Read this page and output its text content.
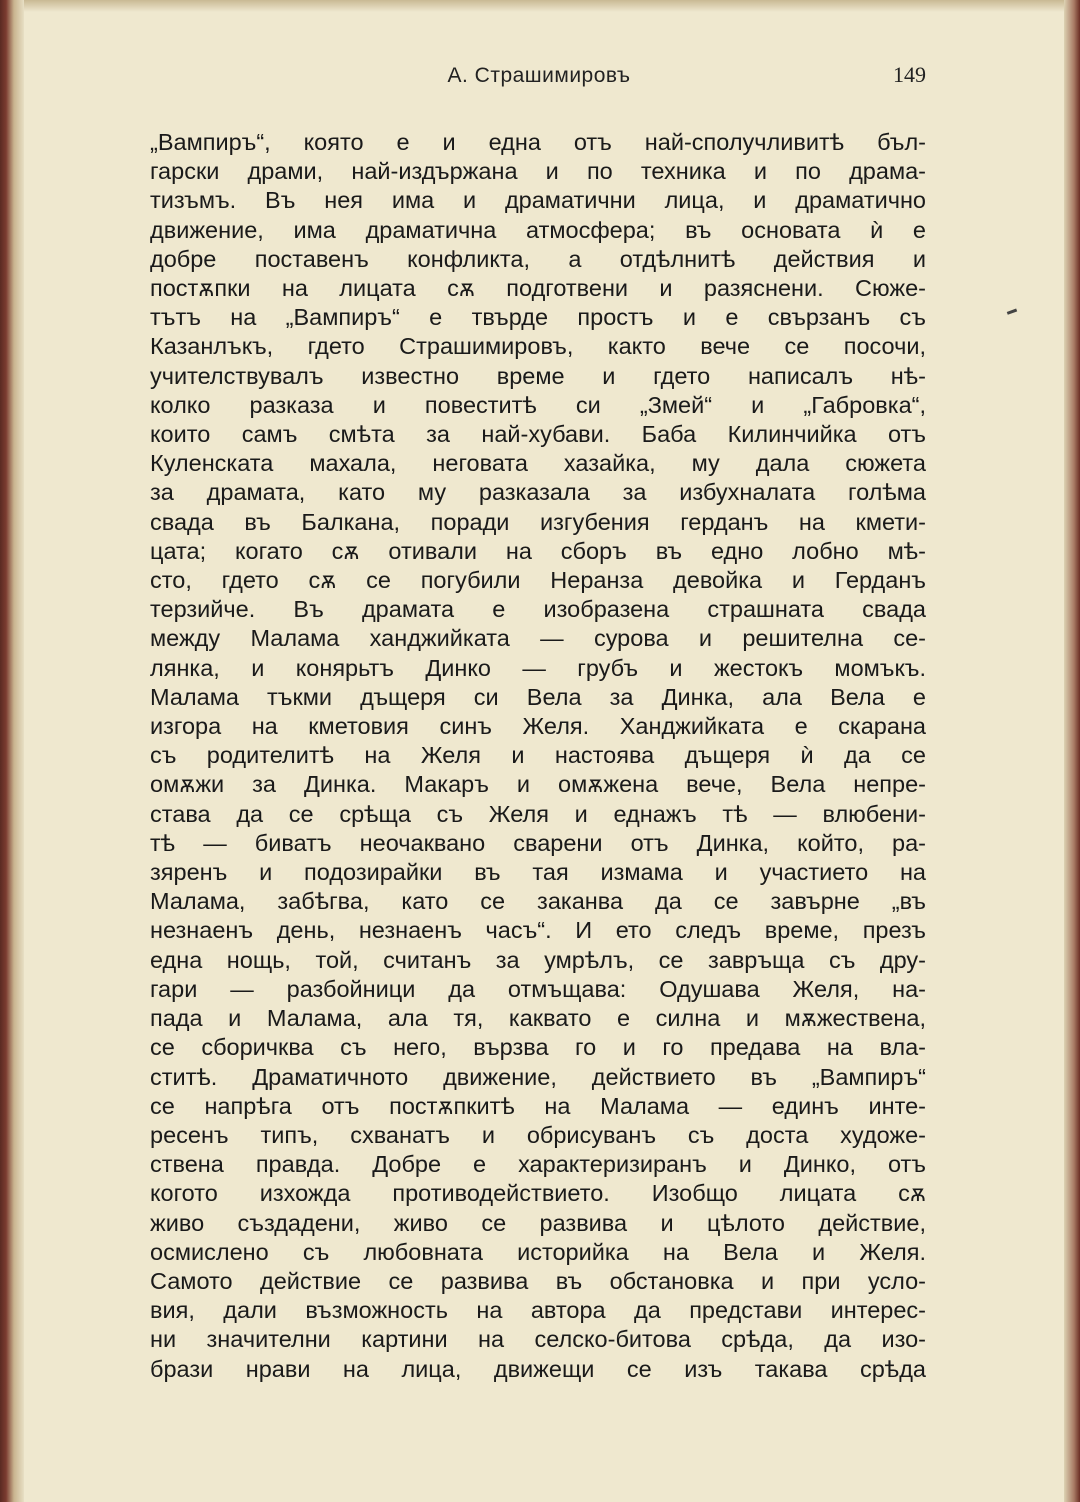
А. Страшимировъ	149
„Вампиръ“, която е и една отъ най-сполучливитѣ бъл-
гарски драми, най-издържана и по техника и по драма-
тизъмъ. Въ нея има и драматични лица, и драматично
движение, има драматична атмосфера; въ основата ѝ е
добре поставенъ конфликта, а отдѣлнитѣ действия и
постѫпки на лицата сѫ подготвени и разяснени. Сюже-
тътъ на „Вампиръ“ е твърде простъ и е свързанъ съ
Казанлъкъ, гдето Страшимировъ, както вече се посочи,
учителствувалъ известно време и гдето написалъ нѣ-
колко разказа и повеститѣ си „Змей“ и „Габровка“,
които самъ смѣта за най-хубави. Баба Килинчийка отъ
Куленската махала, неговата хазайка, му дала сюжета
за драмата, като му разказала за избухналата голѣма
свада въ Балкана, поради изгубения герданъ на кмети-
цата; когато сѫ отивали на сборъ въ едно лобно мѣ-
сто, гдето сѫ се погубили Неранза девойка и Герданъ
терзийче. Въ драмата е изобразена страшната свада
между Малама ханджийката — сурова и решителна се-
лянка, и конярьтъ Динко — грубъ и жестокъ момъкъ.
Малама тъкми дъщеря си Вела за Динка, ала Вела е
изгора на кметовия синъ Желя. Ханджийката е скарана
съ родителитѣ на Желя и настоява дъщеря ѝ да се
омѫжи за Динка. Макаръ и омѫжена вече, Вела непре-
става да се срѣща съ Желя и еднажъ тѣ — влюбени-
тѣ — биватъ неочаквано сварени отъ Динка, който, ра-
зяренъ и подозирайки въ тая измама и участието на
Малама, забѣгва, като се заканва да се завърне „въ
незнаенъ день, незнаенъ часъ“. И ето следъ време, презъ
една нощь, той, считанъ за умрѣлъ, се завръща съ дру-
гари — разбойници да отмъщава: Одушава Желя, на-
пада и Малама, ала тя, каквато е силна и мѫжествена,
се сборичква съ него, вързва го и го предава на вла-
ститѣ. Драматичното движение, действието въ „Вампиръ“
се напрѣга отъ постѫпкитѣ на Малама — единъ инте-
ресенъ типъ, схванатъ и обрисуванъ съ доста художе-
ствена правда. Добре е характеризиранъ и Динко, отъ
когото изхожда противодействието. Изобщо лицата сѫ
живо създадени, живо се развива и цѣлото действие,
осмислено съ любовната историйка на Вела и Желя.
Самото действие се развива въ обстановка и при усло-
вия, дали възможность на автора да представи интерес-
ни значителни картини на селско-битова срѣда, да изо-
брази нрави на лица, движещи се изъ такава срѣда
